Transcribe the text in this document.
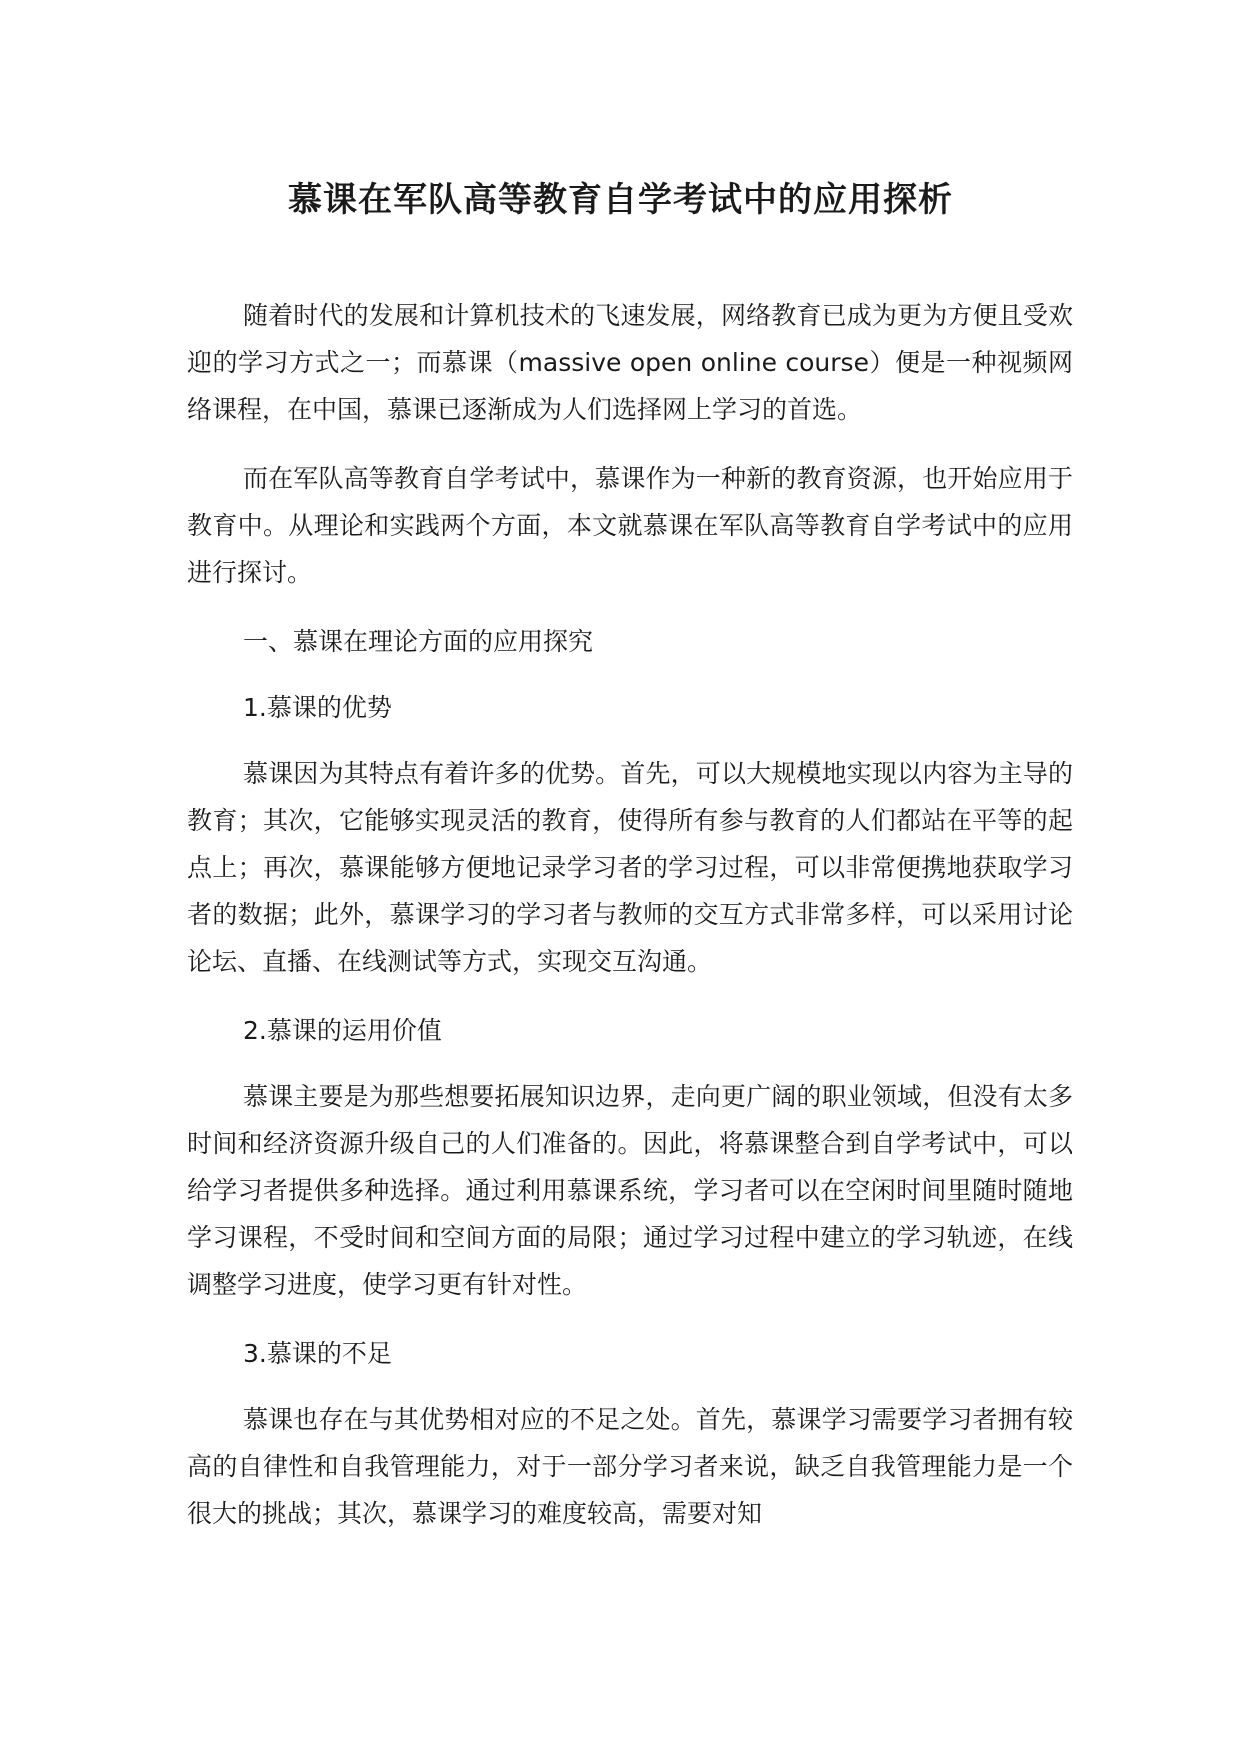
慕课在军队高等教育自学考试中的应用探析

随着时代的发展和计算机技术的飞速发展，网络教育已成为更为方便且受欢迎的学习方式之一；而慕课（massive open online course）便是一种视频网络课程，在中国，慕课已逐渐成为人们选择网上学习的首选。

而在军队高等教育自学考试中，慕课作为一种新的教育资源，也开始应用于教育中。从理论和实践两个方面，本文就慕课在军队高等教育自学考试中的应用进行探讨。

一、慕课在理论方面的应用探究

1.慕课的优势

慕课因为其特点有着许多的优势。首先，可以大规模地实现以内容为主导的教育；其次，它能够实现灵活的教育，使得所有参与教育的人们都站在平等的起点上；再次，慕课能够方便地记录学习者的学习过程，可以非常便携地获取学习者的数据；此外，慕课学习的学习者与教师的交互方式非常多样，可以采用讨论论坛、直播、在线测试等方式，实现交互沟通。

2.慕课的运用价值

慕课主要是为那些想要拓展知识边界，走向更广阔的职业领域，但没有太多时间和经济资源升级自己的人们准备的。因此，将慕课整合到自学考试中，可以给学习者提供多种选择。通过利用慕课系统，学习者可以在空闲时间里随时随地学习课程，不受时间和空间方面的局限；通过学习过程中建立的学习轨迹，在线调整学习进度，使学习更有针对性。

3.慕课的不足

慕课也存在与其优势相对应的不足之处。首先，慕课学习需要学习者拥有较高的自律性和自我管理能力，对于一部分学习者来说，缺乏自我管理能力是一个很大的挑战；其次，慕课学习的难度较高，需要对知
